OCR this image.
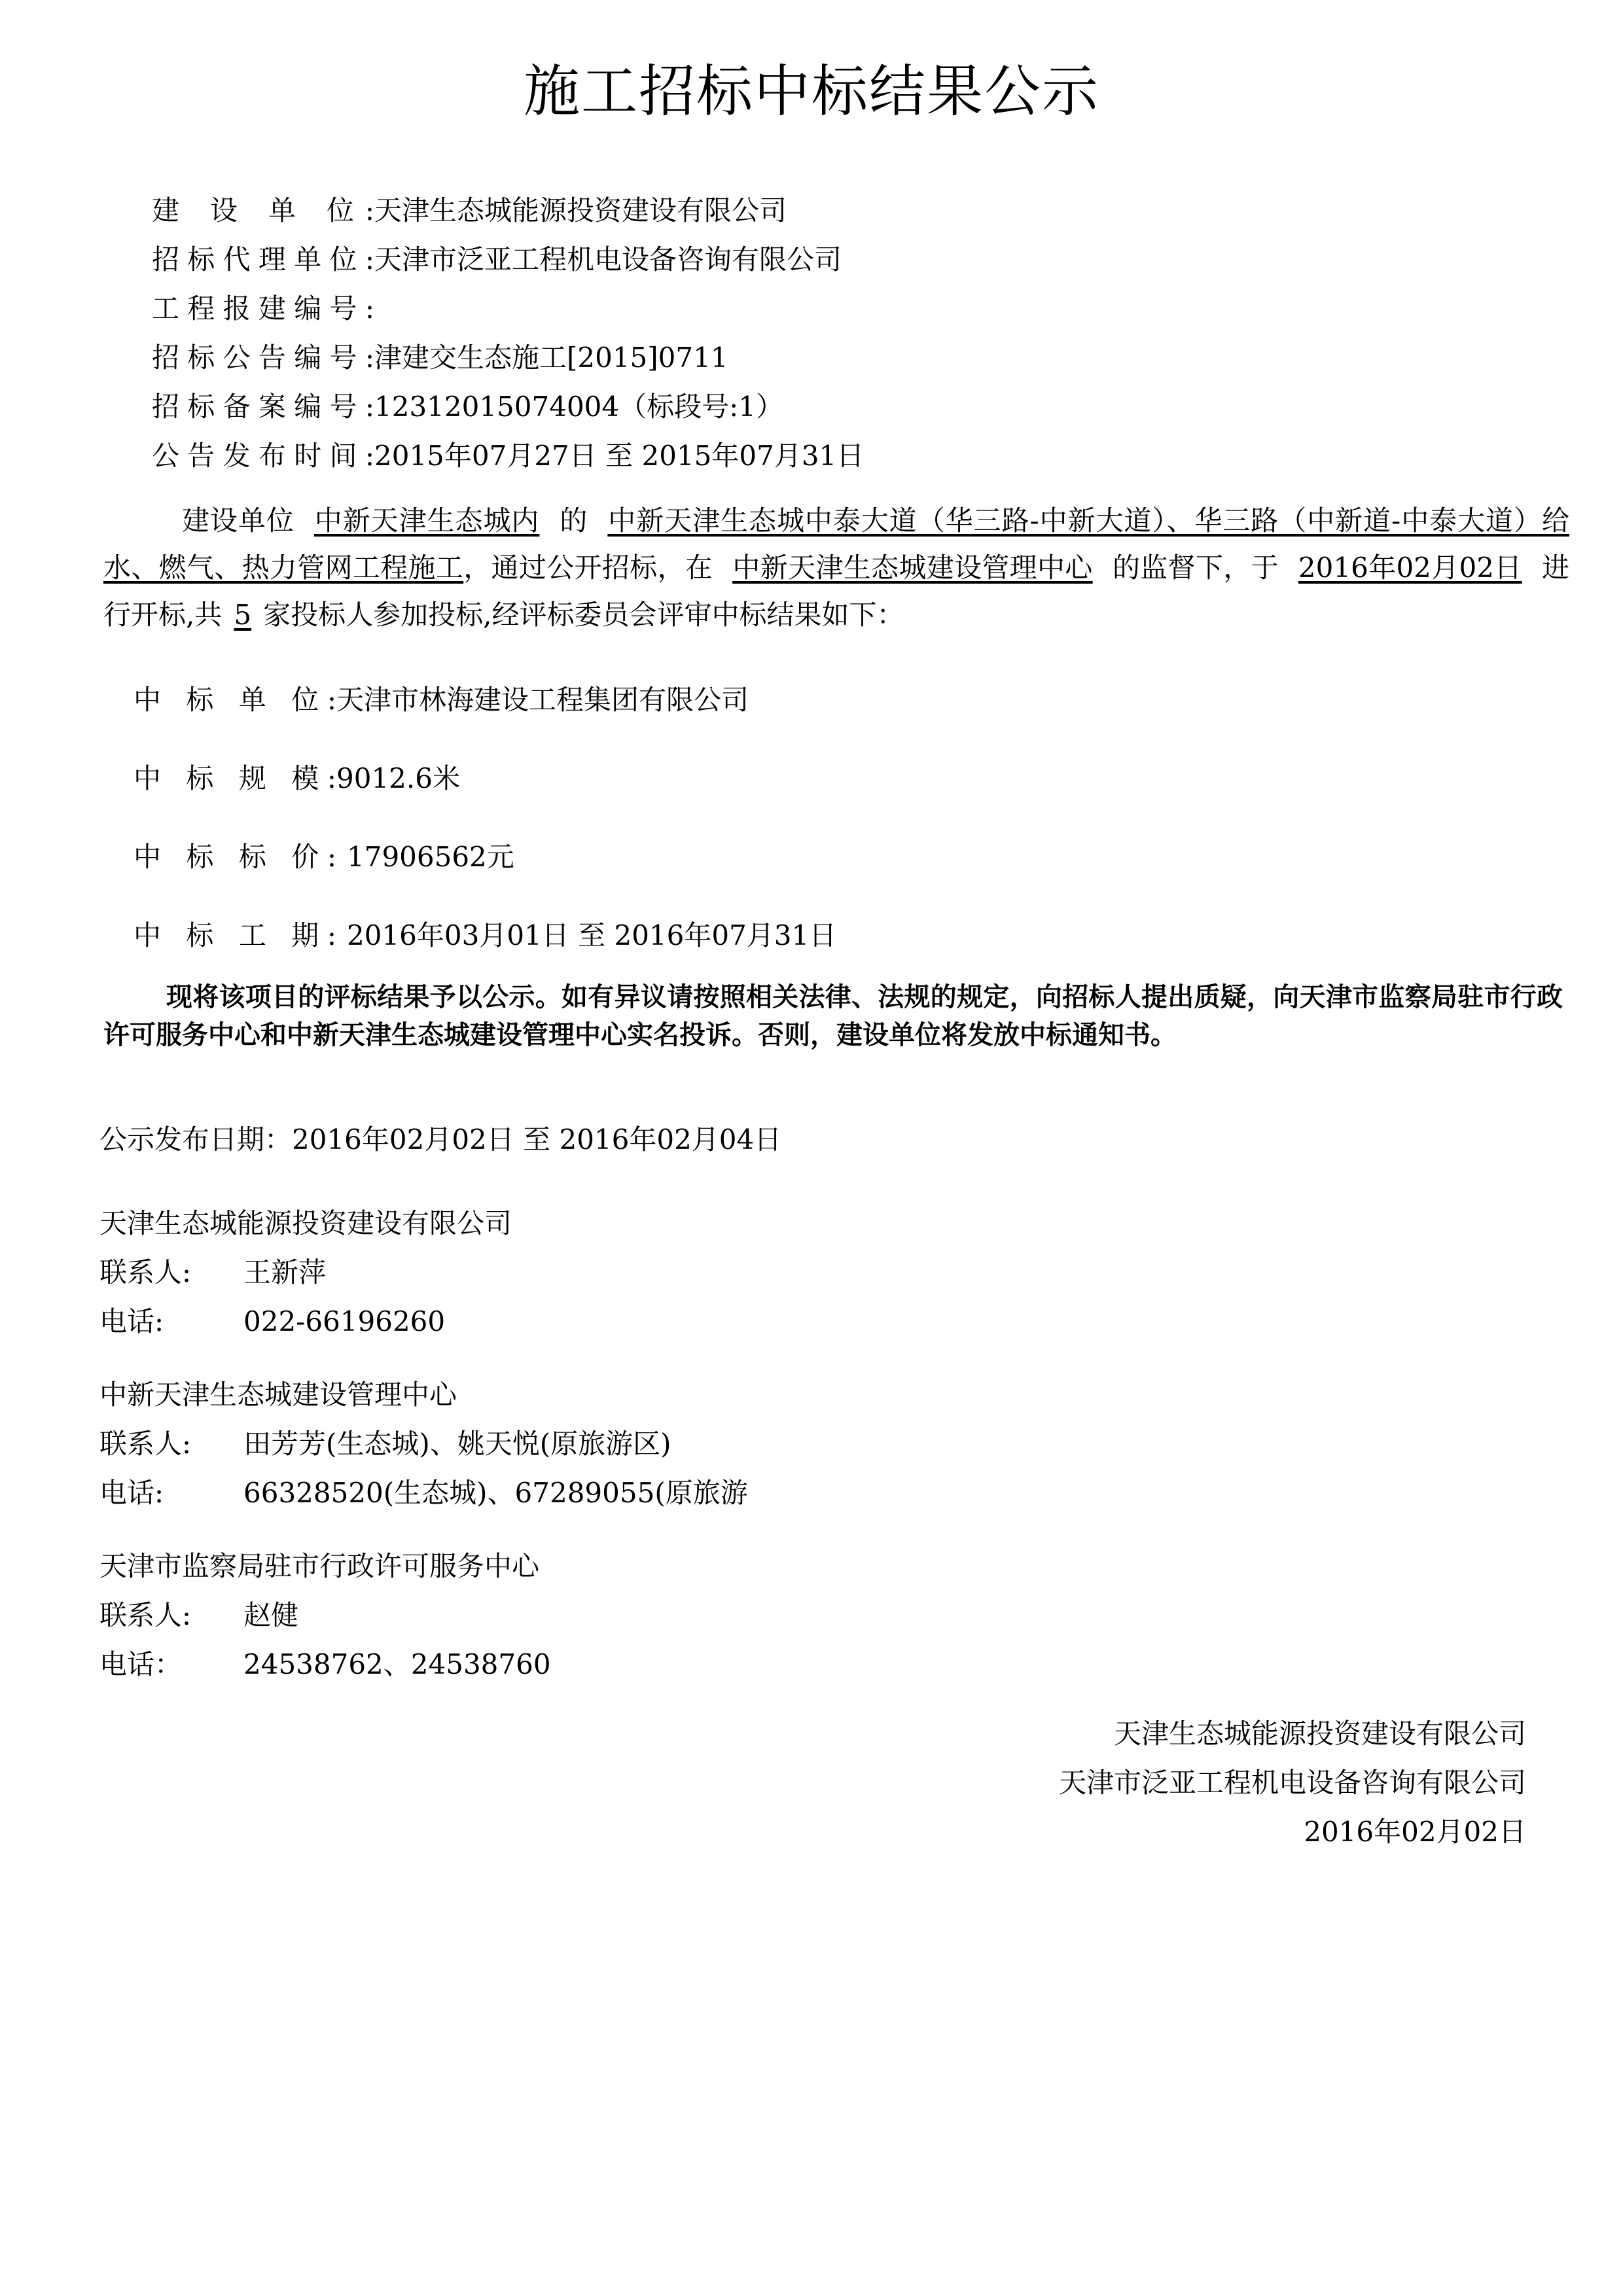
施工招标中标结果公示
建 设 单 位:天津生态城能源投资建设有限公司
招标代理单位:天津市泛亚工程机电设备咨询有限公司
工程报建编号:
招标公告编号:津建交生态施工[2015]0711
招标备案编号:12312015074004（标段号:1）
公告发布时间:2015年07月27日 至 2015年07月31日
建设单位 中新天津生态城内 的 中新天津生态城中泰大道（华三路-中新大道）、华三路（中新道-中泰大道）给水、燃气、热力管网工程施工，通过公开招标，在 中新天津生态城建设管理中心 的监督下，于 2016年02月02日 进行开标,共 5 家投标人参加投标,经评标委员会评审中标结果如下：
中 标 单 位:天津市林海建设工程集团有限公司
中 标 规 模:9012.6米
中 标 标 价: 17906562元
中 标 工 期: 2016年03月01日 至 2016年07月31日
现将该项目的评标结果予以公示。如有异议请按照相关法律、法规的规定，向招标人提出质疑，向天津市监察局驻市行政许可服务中心和中新天津生态城建设管理中心实名投诉。否则，建设单位将发放中标通知书。
公示发布日期：2016年02月02日 至 2016年02月04日
天津生态城能源投资建设有限公司
联系人: 王新萍
电话:	022-66196260
中新天津生态城建设管理中心
联系人: 田芳芳(生态城)、姚天悦(原旅游区)
电话:	66328520(生态城)、67289055(原旅游
天津市监察局驻市行政许可服务中心
联系人: 赵健
电话： 24538762、24538760
天津生态城能源投资建设有限公司
天津市泛亚工程机电设备咨询有限公司
2016年02月02日
